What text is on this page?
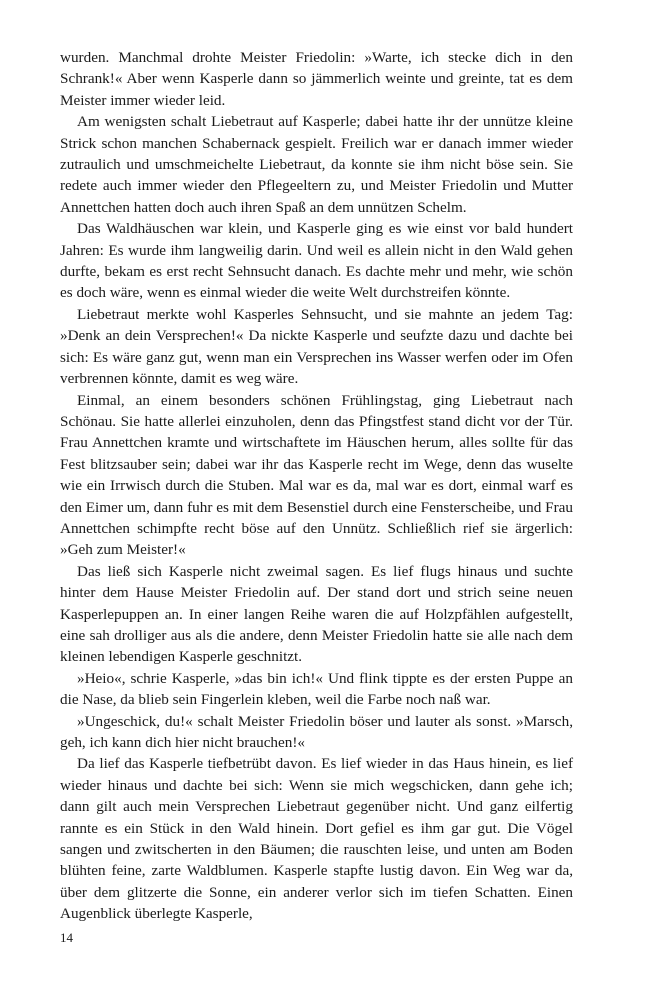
wurden. Manchmal drohte Meister Friedolin: »Warte, ich stecke dich in den Schrank!« Aber wenn Kasperle dann so jämmerlich weinte und greinte, tat es dem Meister immer wieder leid.

Am wenigsten schalt Liebetraut auf Kasperle; dabei hatte ihr der unnütze kleine Strick schon manchen Schabernack gespielt. Freilich war er danach immer wieder zutraulich und umschmeichelte Liebetraut, da konnte sie ihm nicht böse sein. Sie redete auch immer wieder den Pflegeeltern zu, und Meister Friedolin und Mutter Annettchen hatten doch auch ihren Spaß an dem unnützen Schelm.

Das Waldhäuschen war klein, und Kasperle ging es wie einst vor bald hundert Jahren: Es wurde ihm langweilig darin. Und weil es allein nicht in den Wald gehen durfte, bekam es erst recht Sehnsucht danach. Es dachte mehr und mehr, wie schön es doch wäre, wenn es einmal wieder die weite Welt durchstreifen könnte.

Liebetraut merkte wohl Kasperles Sehnsucht, und sie mahnte an jedem Tag: »Denk an dein Versprechen!« Da nickte Kasperle und seufzte dazu und dachte bei sich: Es wäre ganz gut, wenn man ein Versprechen ins Wasser werfen oder im Ofen verbrennen könnte, damit es weg wäre.

Einmal, an einem besonders schönen Frühlingstag, ging Liebetraut nach Schönau. Sie hatte allerlei einzuholen, denn das Pfingstfest stand dicht vor der Tür. Frau Annettchen kramte und wirtschaftete im Häuschen herum, alles sollte für das Fest blitzsauber sein; dabei war ihr das Kasperle recht im Wege, denn das wuselte wie ein Irrwisch durch die Stuben. Mal war es da, mal war es dort, einmal warf es den Eimer um, dann fuhr es mit dem Besenstiel durch eine Fensterscheibe, und Frau Annettchen schimpfte recht böse auf den Unnütz. Schließlich rief sie ärgerlich: »Geh zum Meister!«

Das ließ sich Kasperle nicht zweimal sagen. Es lief flugs hinaus und suchte hinter dem Hause Meister Friedolin auf. Der stand dort und strich seine neuen Kasperlepuppen an. In einer langen Reihe waren die auf Holzpfählen aufgestellt, eine sah drolliger aus als die andere, denn Meister Friedolin hatte sie alle nach dem kleinen lebendigen Kasperle geschnitzt.

»Heio«, schrie Kasperle, »das bin ich!« Und flink tippte es der ersten Puppe an die Nase, da blieb sein Fingerlein kleben, weil die Farbe noch naß war.

»Ungeschick, du!« schalt Meister Friedolin böser und lauter als sonst. »Marsch, geh, ich kann dich hier nicht brauchen!«

Da lief das Kasperle tiefbetrübt davon. Es lief wieder in das Haus hinein, es lief wieder hinaus und dachte bei sich: Wenn sie mich wegschicken, dann gehe ich; dann gilt auch mein Versprechen Liebetraut gegenüber nicht. Und ganz eilfertig rannte es ein Stück in den Wald hinein. Dort gefiel es ihm gar gut. Die Vögel sangen und zwitscherten in den Bäumen; die rauschten leise, und unten am Boden blühten feine, zarte Waldblumen. Kasperle stapfte lustig davon. Ein Weg war da, über dem glitzerte die Sonne, ein anderer verlor sich im tiefen Schatten. Einen Augenblick überlegte Kasperle,

14
